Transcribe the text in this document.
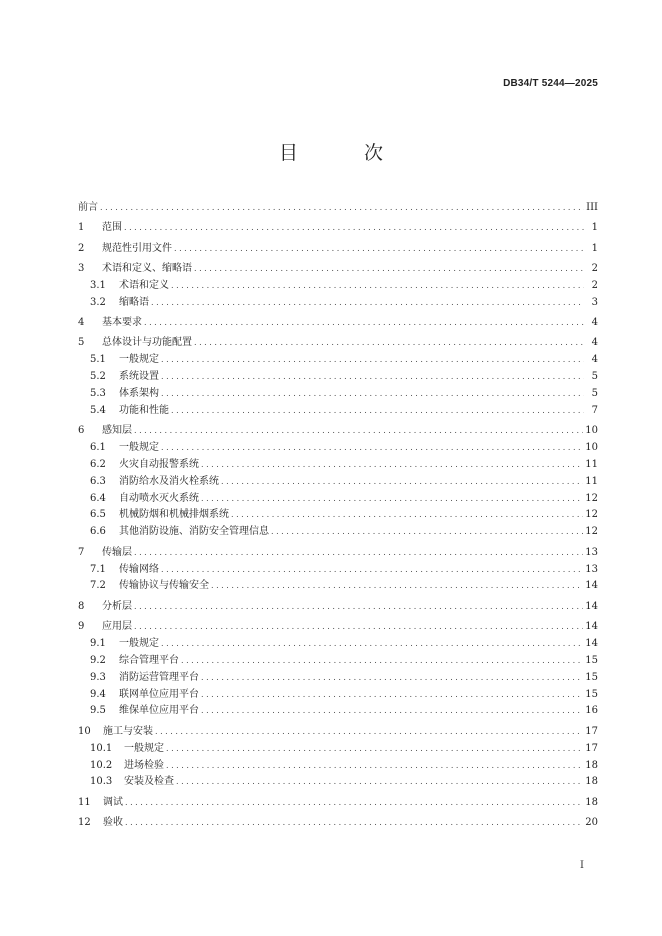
DB34/T 5244—2025
目 次
前言 . . .	III
1	范围 . . .	1
2	规范性引用文件 . . .	1
3	术语和定义、缩略语 . . .	2
3.1	术语和定义 . . .	2
3.2	缩略语 . . .	3
4	基本要求 . . .	4
5	总体设计与功能配置 . . .	4
5.1	一般规定 . . .	4
5.2	系统设置 . . .	5
5.3	体系架构 . . .	5
5.4	功能和性能 . . .	7
6	感知层 . . .	10
6.1	一般规定 . . .	10
6.2	火灾自动报警系统 . . .	11
6.3	消防给水及消火栓系统 . . .	11
6.4	自动喷水灭火系统 . . .	12
6.5	机械防烟和机械排烟系统 . . .	12
6.6	其他消防设施、消防安全管理信息 . . .	12
7	传输层 . . .	13
7.1	传输网络 . . .	13
7.2	传输协议与传输安全 . . .	14
8	分析层 . . .	14
9	应用层 . . .	14
9.1	一般规定 . . .	14
9.2	综合管理平台 . . .	15
9.3	消防运营管理平台 . . .	15
9.4	联网单位应用平台 . . .	15
9.5	维保单位应用平台 . . .	16
10	施工与安装 . . .	17
10.1	一般规定 . . .	17
10.2	进场检验 . . .	18
10.3	安装及检查 . . .	18
11	调试 . . .	18
12	验收 . . .	20
I
